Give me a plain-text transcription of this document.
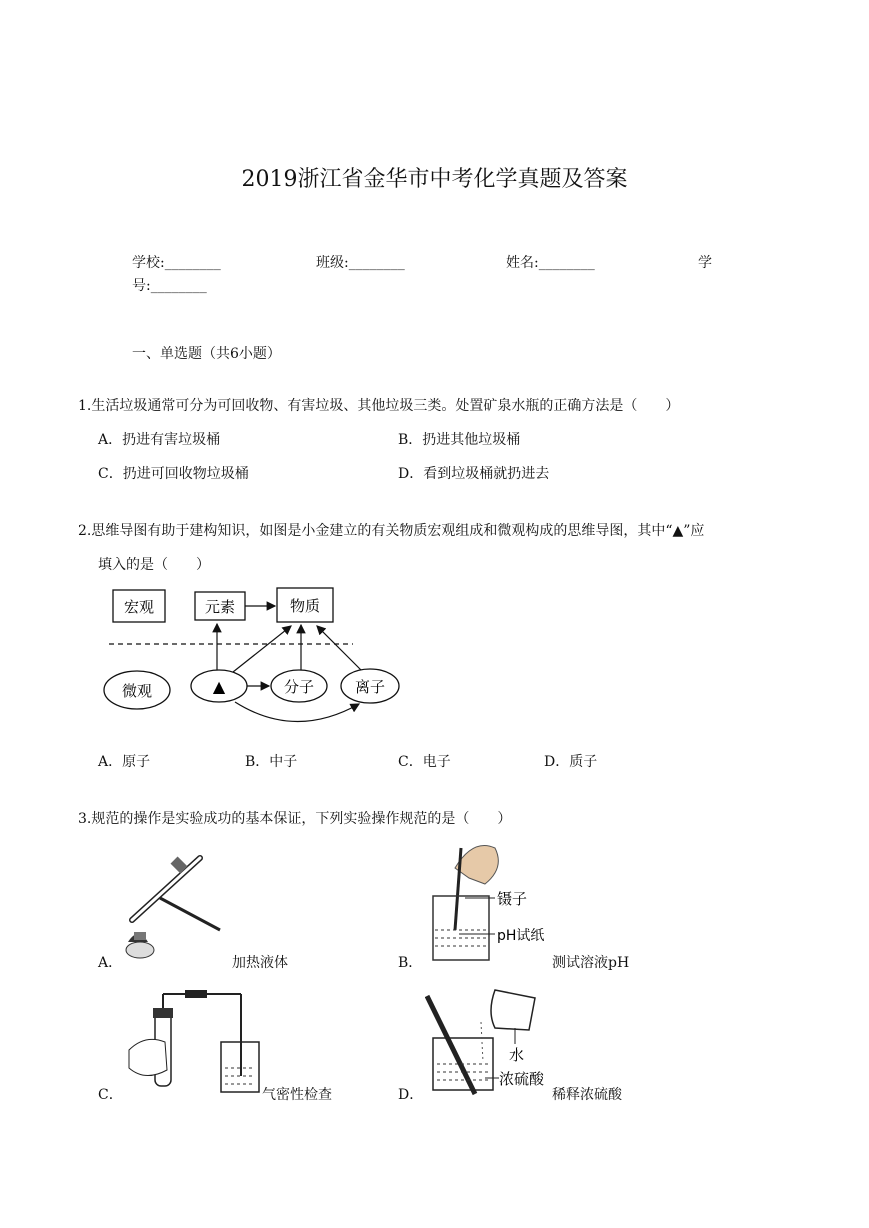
2019浙江省金华市中考化学真题及答案
学校:________	班级:________	姓名:________	学
号:________
一、单选题（共6小题）
1.生活垃圾通常可分为可回收物、有害垃圾、其他垃圾三类。处置矿泉水瓶的正确方法是（　　）
A．扔进有害垃圾桶	B．扔进其他垃圾桶
C．扔进可回收物垃圾桶	D．看到垃圾桶就扔进去
2.思维导图有助于建构知识，如图是小金建立的有关物质宏观组成和微观构成的思维导图，其中“▲”应
填入的是（　　）
宏观	元素	物质
微观	▲	分子	离子
A．原子	B．中子	C．电子	D．质子
3.规范的操作是实验成功的基本保证，下列实验操作规范的是（　　）
A．	加热液体
镊子
pH试纸
B．	测试溶液pH
C．	气密性检查
水
浓硫酸
D．	稀释浓硫酸
